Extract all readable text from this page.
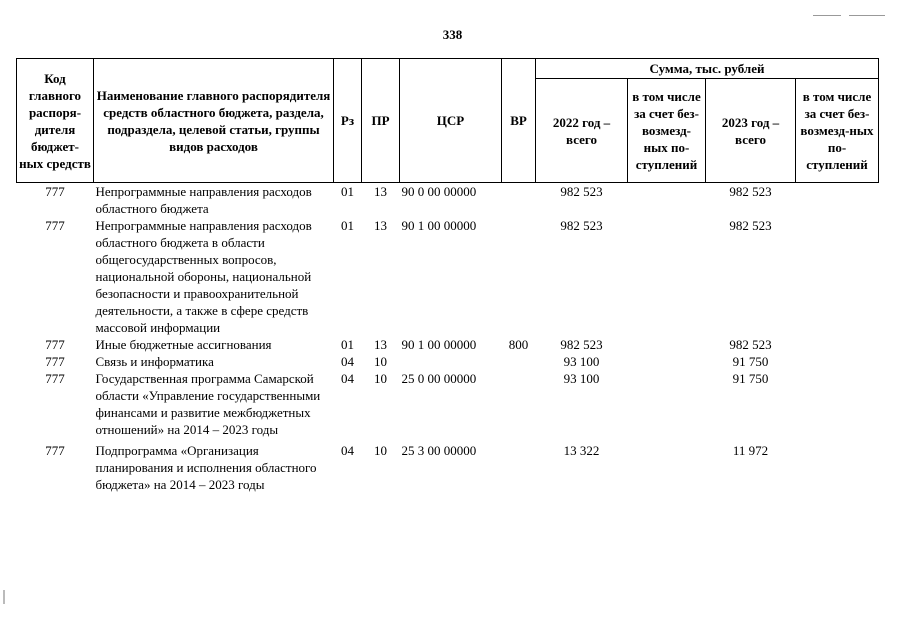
338
Код главного распоря-дителя бюджет-ных средств	Наименование главного распорядителя средств областного бюджета, раздела, подраздела, целевой статьи, группы видов расходов	Рз	ПР	ЦСР	ВР	Сумма, тыс. рублей			
						2022 год – всего	в том числе за счет без-возмезд-ных по-ступлений	2023 год – всего	в том числе за счет без-возмезд-ных по-ступлений
777	Непрограммные направления расходов областного бюджета	01	13	90 0 00 00000		982 523		982 523	
777	Непрограммные направления расходов областного бюджета в области общегосударственных вопросов, национальной обороны, национальной безопасности и правоохранительной деятельности, а также в сфере средств массовой информации	01	13	90 1 00 00000		982 523		982 523	
777	Иные бюджетные ассигнования	01	13	90 1 00 00000	800	982 523		982 523	
777	Связь и информатика	04	10			93 100		91 750	
777	Государственная программа Самарской области «Управление государственными финансами и развитие межбюджетных отношений» на 2014 – 2023 годы	04	10	25 0 00 00000		93 100		91 750	
777	Подпрограмма «Организация планирования и исполнения областного бюджета» на 2014 – 2023 годы	04	10	25 3 00 00000		13 322		11 972	
